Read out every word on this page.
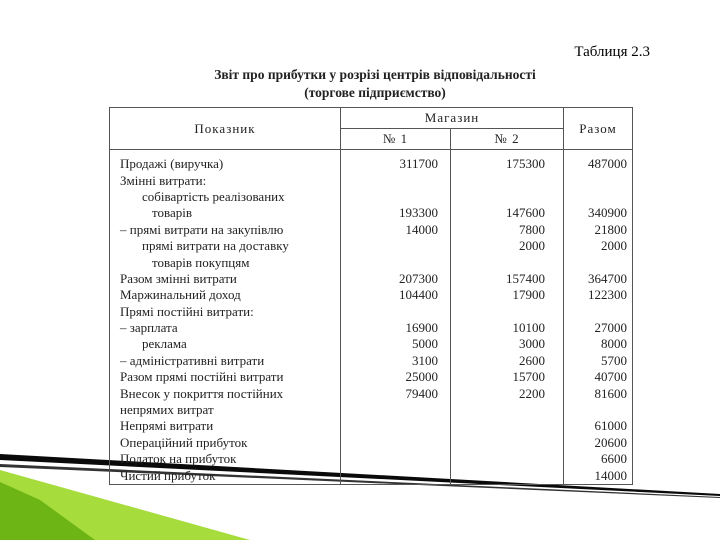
Таблиця 2.3
Звіт про прибутки у розрізі центрів відповідальності
(торгове підприємство)
Показник	Магазин		Разом
	№ 1	№ 2	
Продажі (виручка)	311700	175300	487000
Змінні витрати:			
собівартість реалізованих			
товарів	193300	147600	340900
– прямі витрати на закупівлю	14000	7800	21800
прямі витрати на доставку		2000	2000
товарів покупцям			
Разом змінні витрати	207300	157400	364700
Маржинальний доход	104400	17900	122300
Прямі постійні витрати:			
– зарплата	16900	10100	27000
реклама	5000	3000	8000
– адміністративні витрати	3100	2600	5700
Разом прямі постійні витрати	25000	15700	40700
Внесок у покриття постійних	79400	2200	81600
непрямих витрат			
Непрямі витрати			61000
Операційний прибуток			20600
Податок на прибуток			6600
Чистий прибуток			14000
